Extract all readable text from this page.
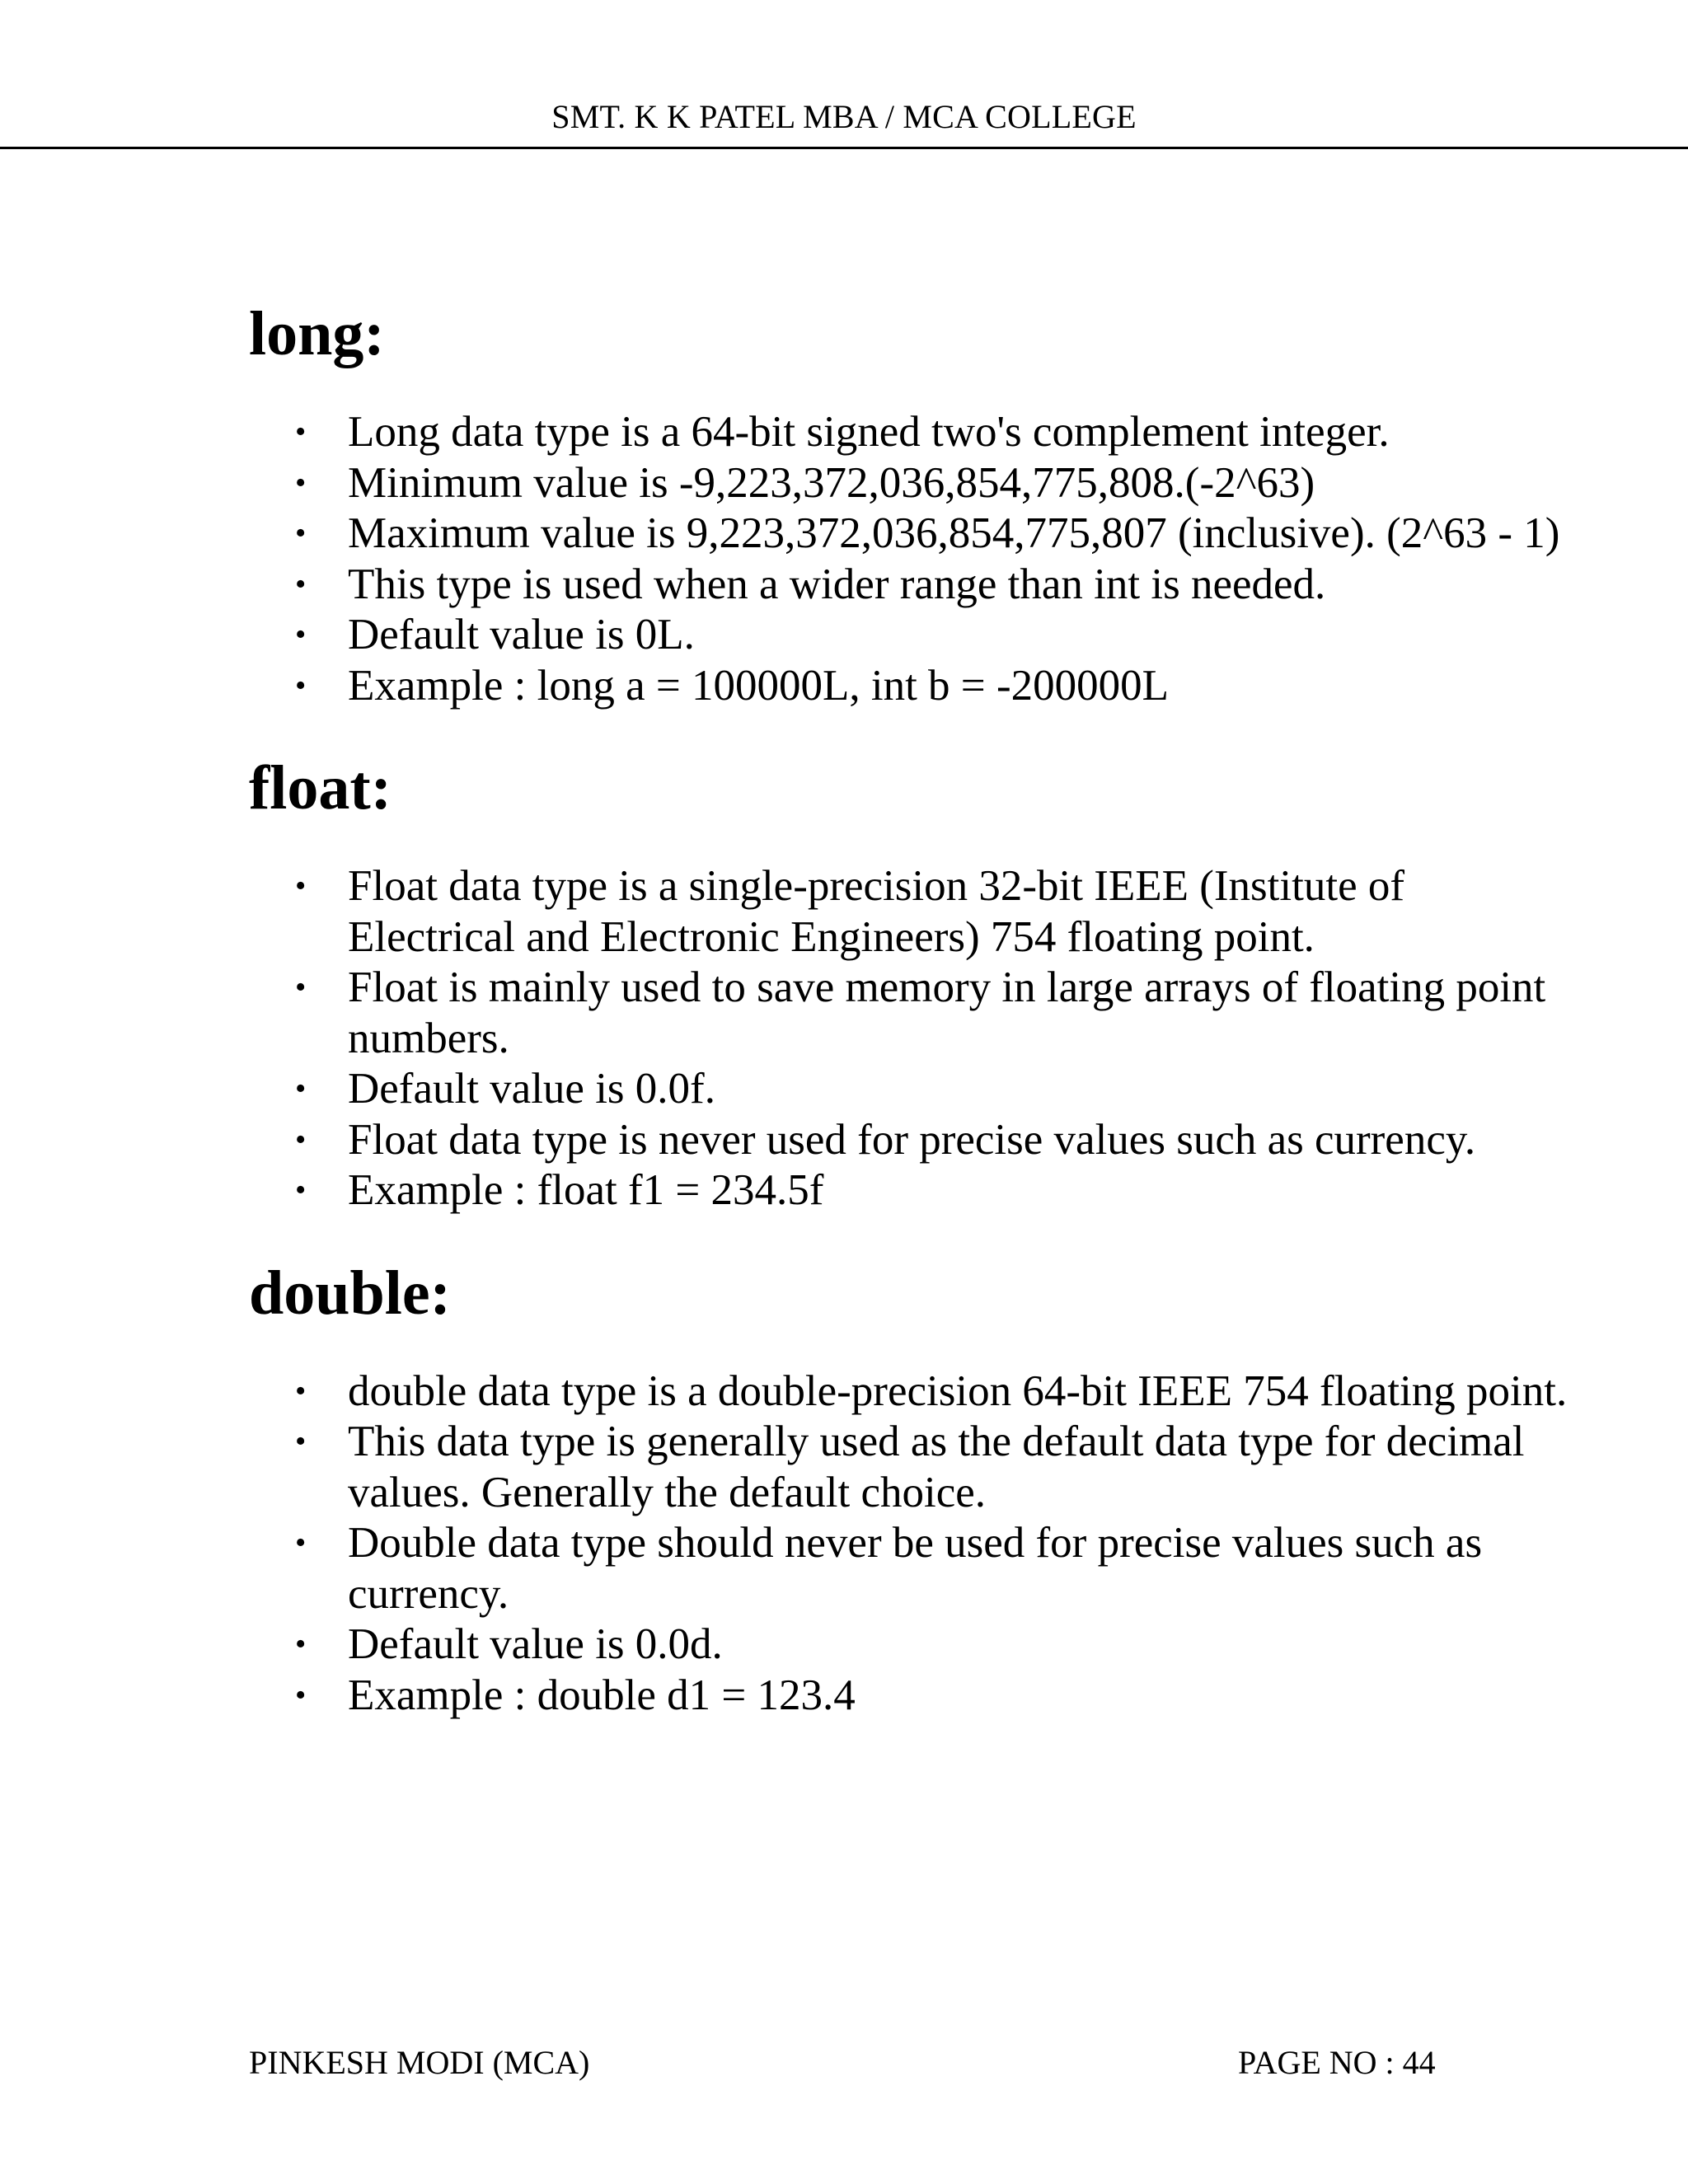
SMT. K K PATEL MBA / MCA COLLEGE
long:
• Long data type is a 64-bit signed two's complement integer.
• Minimum value is -9,223,372,036,854,775,808.(-2^63)
• Maximum value is 9,223,372,036,854,775,807 (inclusive). (2^63 - 1)
• This type is used when a wider range than int is needed.
• Default value is 0L.
• Example : long a = 100000L, int b = -200000L
float:
• Float data type is a single-precision 32-bit IEEE (Institute of Electrical and Electronic Engineers) 754 floating point.
• Float is mainly used to save memory in large arrays of floating point numbers.
• Default value is 0.0f.
• Float data type is never used for precise values such as currency.
• Example : float f1 = 234.5f
double:
• double data type is a double-precision 64-bit IEEE 754 floating point.
• This data type is generally used as the default data type for decimal values. Generally the default choice.
• Double data type should never be used for precise values such as currency.
• Default value is 0.0d.
• Example : double d1 = 123.4
PINKESH MODI (MCA)	PAGE NO : 44
